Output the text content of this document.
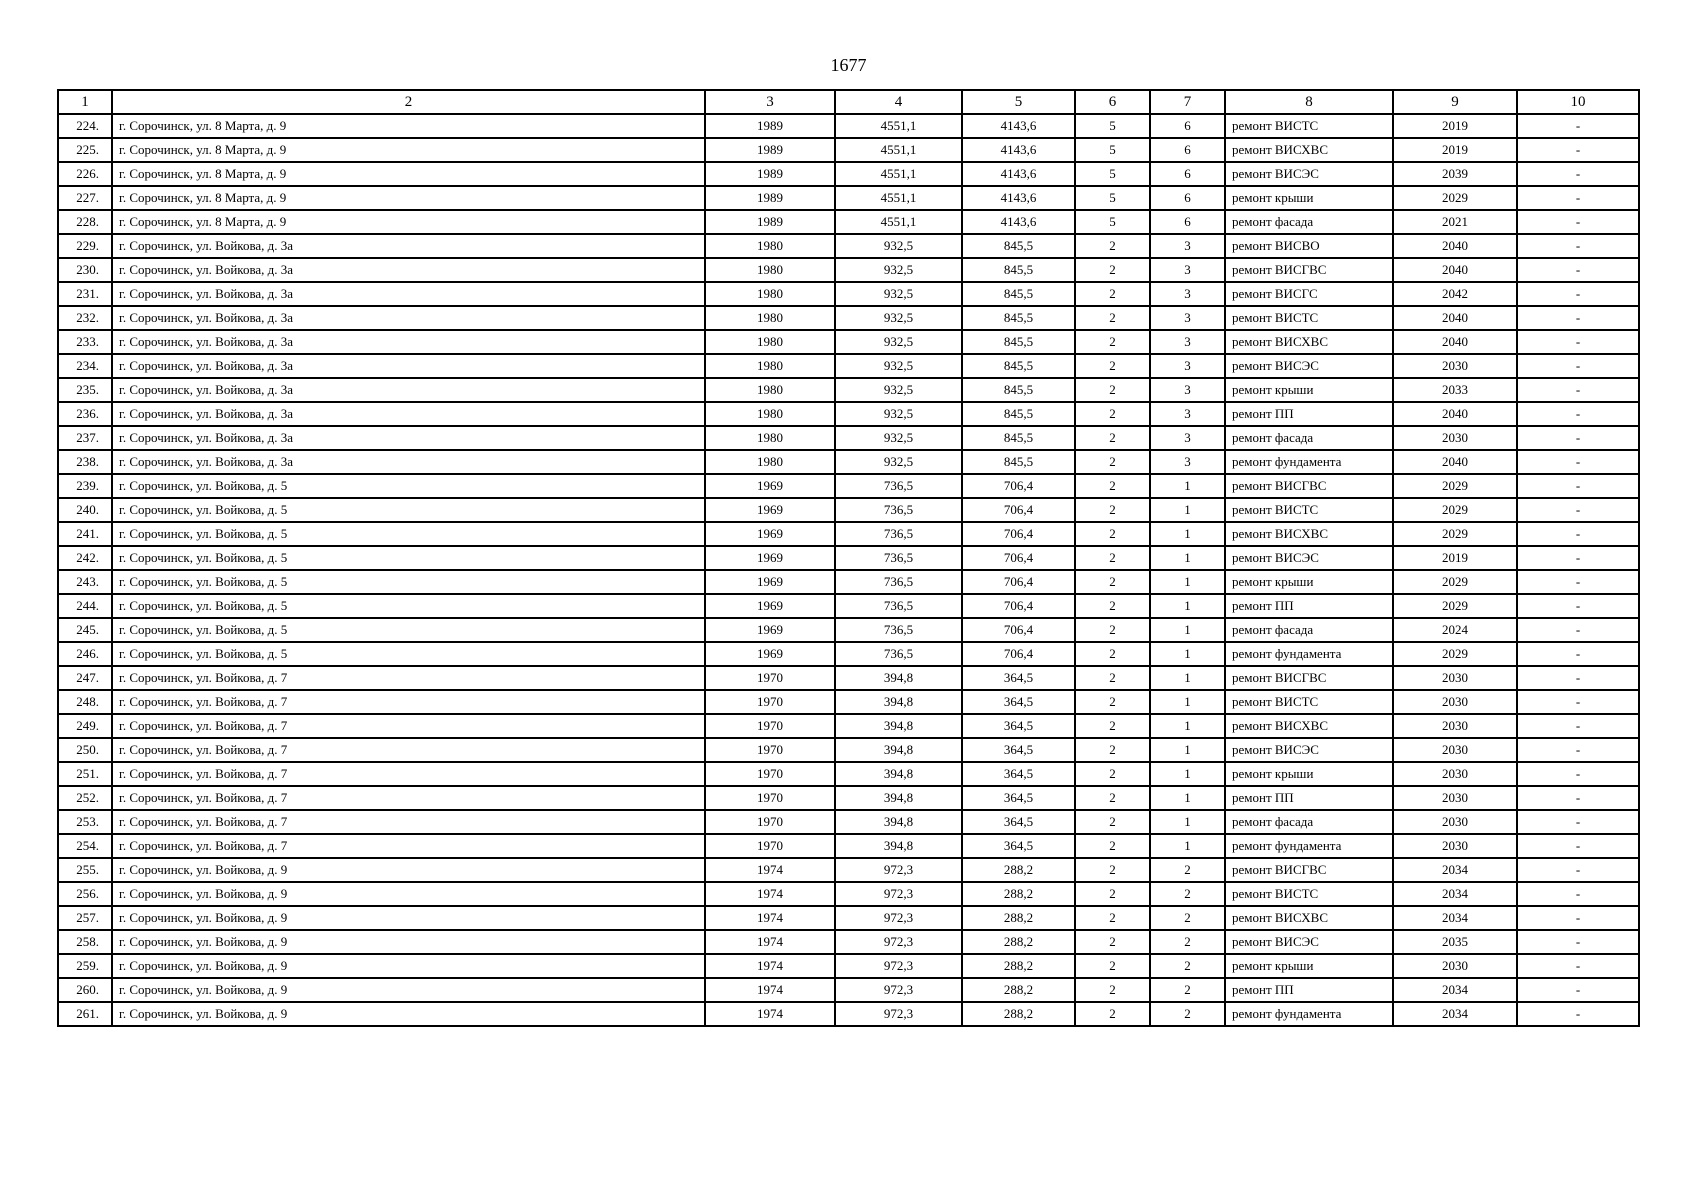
1677
1	2	3	4	5	6	7	8	9	10
224.	г. Сорочинск, ул. 8 Марта, д. 9	1989	4551,1	4143,6	5	6	ремонт ВИСТС	2019	-
225.	г. Сорочинск, ул. 8 Марта, д. 9	1989	4551,1	4143,6	5	6	ремонт ВИСХВС	2019	-
226.	г. Сорочинск, ул. 8 Марта, д. 9	1989	4551,1	4143,6	5	6	ремонт ВИСЭС	2039	-
227.	г. Сорочинск, ул. 8 Марта, д. 9	1989	4551,1	4143,6	5	6	ремонт крыши	2029	-
228.	г. Сорочинск, ул. 8 Марта, д. 9	1989	4551,1	4143,6	5	6	ремонт фасада	2021	-
229.	г. Сорочинск, ул. Войкова, д. 3а	1980	932,5	845,5	2	3	ремонт ВИСВО	2040	-
230.	г. Сорочинск, ул. Войкова, д. 3а	1980	932,5	845,5	2	3	ремонт ВИСГВС	2040	-
231.	г. Сорочинск, ул. Войкова, д. 3а	1980	932,5	845,5	2	3	ремонт ВИСГС	2042	-
232.	г. Сорочинск, ул. Войкова, д. 3а	1980	932,5	845,5	2	3	ремонт ВИСТС	2040	-
233.	г. Сорочинск, ул. Войкова, д. 3а	1980	932,5	845,5	2	3	ремонт ВИСХВС	2040	-
234.	г. Сорочинск, ул. Войкова, д. 3а	1980	932,5	845,5	2	3	ремонт ВИСЭС	2030	-
235.	г. Сорочинск, ул. Войкова, д. 3а	1980	932,5	845,5	2	3	ремонт крыши	2033	-
236.	г. Сорочинск, ул. Войкова, д. 3а	1980	932,5	845,5	2	3	ремонт ПП	2040	-
237.	г. Сорочинск, ул. Войкова, д. 3а	1980	932,5	845,5	2	3	ремонт фасада	2030	-
238.	г. Сорочинск, ул. Войкова, д. 3а	1980	932,5	845,5	2	3	ремонт фундамента	2040	-
239.	г. Сорочинск, ул. Войкова, д. 5	1969	736,5	706,4	2	1	ремонт ВИСГВС	2029	-
240.	г. Сорочинск, ул. Войкова, д. 5	1969	736,5	706,4	2	1	ремонт ВИСТС	2029	-
241.	г. Сорочинск, ул. Войкова, д. 5	1969	736,5	706,4	2	1	ремонт ВИСХВС	2029	-
242.	г. Сорочинск, ул. Войкова, д. 5	1969	736,5	706,4	2	1	ремонт ВИСЭС	2019	-
243.	г. Сорочинск, ул. Войкова, д. 5	1969	736,5	706,4	2	1	ремонт крыши	2029	-
244.	г. Сорочинск, ул. Войкова, д. 5	1969	736,5	706,4	2	1	ремонт ПП	2029	-
245.	г. Сорочинск, ул. Войкова, д. 5	1969	736,5	706,4	2	1	ремонт фасада	2024	-
246.	г. Сорочинск, ул. Войкова, д. 5	1969	736,5	706,4	2	1	ремонт фундамента	2029	-
247.	г. Сорочинск, ул. Войкова, д. 7	1970	394,8	364,5	2	1	ремонт ВИСГВС	2030	-
248.	г. Сорочинск, ул. Войкова, д. 7	1970	394,8	364,5	2	1	ремонт ВИСТС	2030	-
249.	г. Сорочинск, ул. Войкова, д. 7	1970	394,8	364,5	2	1	ремонт ВИСХВС	2030	-
250.	г. Сорочинск, ул. Войкова, д. 7	1970	394,8	364,5	2	1	ремонт ВИСЭС	2030	-
251.	г. Сорочинск, ул. Войкова, д. 7	1970	394,8	364,5	2	1	ремонт крыши	2030	-
252.	г. Сорочинск, ул. Войкова, д. 7	1970	394,8	364,5	2	1	ремонт ПП	2030	-
253.	г. Сорочинск, ул. Войкова, д. 7	1970	394,8	364,5	2	1	ремонт фасада	2030	-
254.	г. Сорочинск, ул. Войкова, д. 7	1970	394,8	364,5	2	1	ремонт фундамента	2030	-
255.	г. Сорочинск, ул. Войкова, д. 9	1974	972,3	288,2	2	2	ремонт ВИСГВС	2034	-
256.	г. Сорочинск, ул. Войкова, д. 9	1974	972,3	288,2	2	2	ремонт ВИСТС	2034	-
257.	г. Сорочинск, ул. Войкова, д. 9	1974	972,3	288,2	2	2	ремонт ВИСХВС	2034	-
258.	г. Сорочинск, ул. Войкова, д. 9	1974	972,3	288,2	2	2	ремонт ВИСЭС	2035	-
259.	г. Сорочинск, ул. Войкова, д. 9	1974	972,3	288,2	2	2	ремонт крыши	2030	-
260.	г. Сорочинск, ул. Войкова, д. 9	1974	972,3	288,2	2	2	ремонт ПП	2034	-
261.	г. Сорочинск, ул. Войкова, д. 9	1974	972,3	288,2	2	2	ремонт фундамента	2034	-
